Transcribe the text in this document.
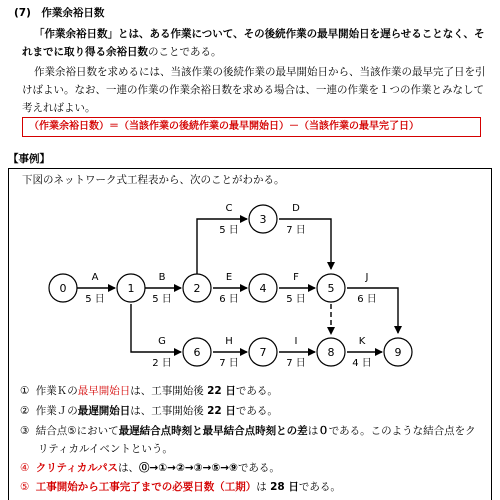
(7)　作業余裕日数
「作業余裕日数」とは、ある作業について、その後続作業の最早開始日を遅らせることなく、そ
れまでに取り得る余裕日数のことである。
作業余裕日数を求めるには、当該作業の後続作業の最早開始日から、当該作業の最早完了日を引
けばよい。なお、一連の作業の作業余裕日数を求める場合は、一連の作業を１つの作業とみなして
考えればよい。
（作業余裕日数）＝（当該作業の後続作業の最早開始日）－（当該作業の最早完了日）
【事例】
下図のネットワーク式工程表から、次のことがわかる。
0	1	2
3
4	5
6	7	8	9
A
5 日
B
5 日
C
5 日
D
7 日
E
6 日
F
5 日
J
6 日
G
2 日
H
7 日
I
7 日
K
4 日
① 作業Ｋの最早開始日は、工事開始後 22 日である。
② 作業Ｊの最遅開始日は、工事開始後 22 日である。
③ 結合点⑤において最遅結合点時刻と最早結合点時刻との差は０である。このような結合点をク
リティカルイベントという。
④ クリティカルパスは、⓪→①→②→③→⑤→⑨である。
⑤ 工事開始から工事完了までの必要日数（工期）は 28 日である。
